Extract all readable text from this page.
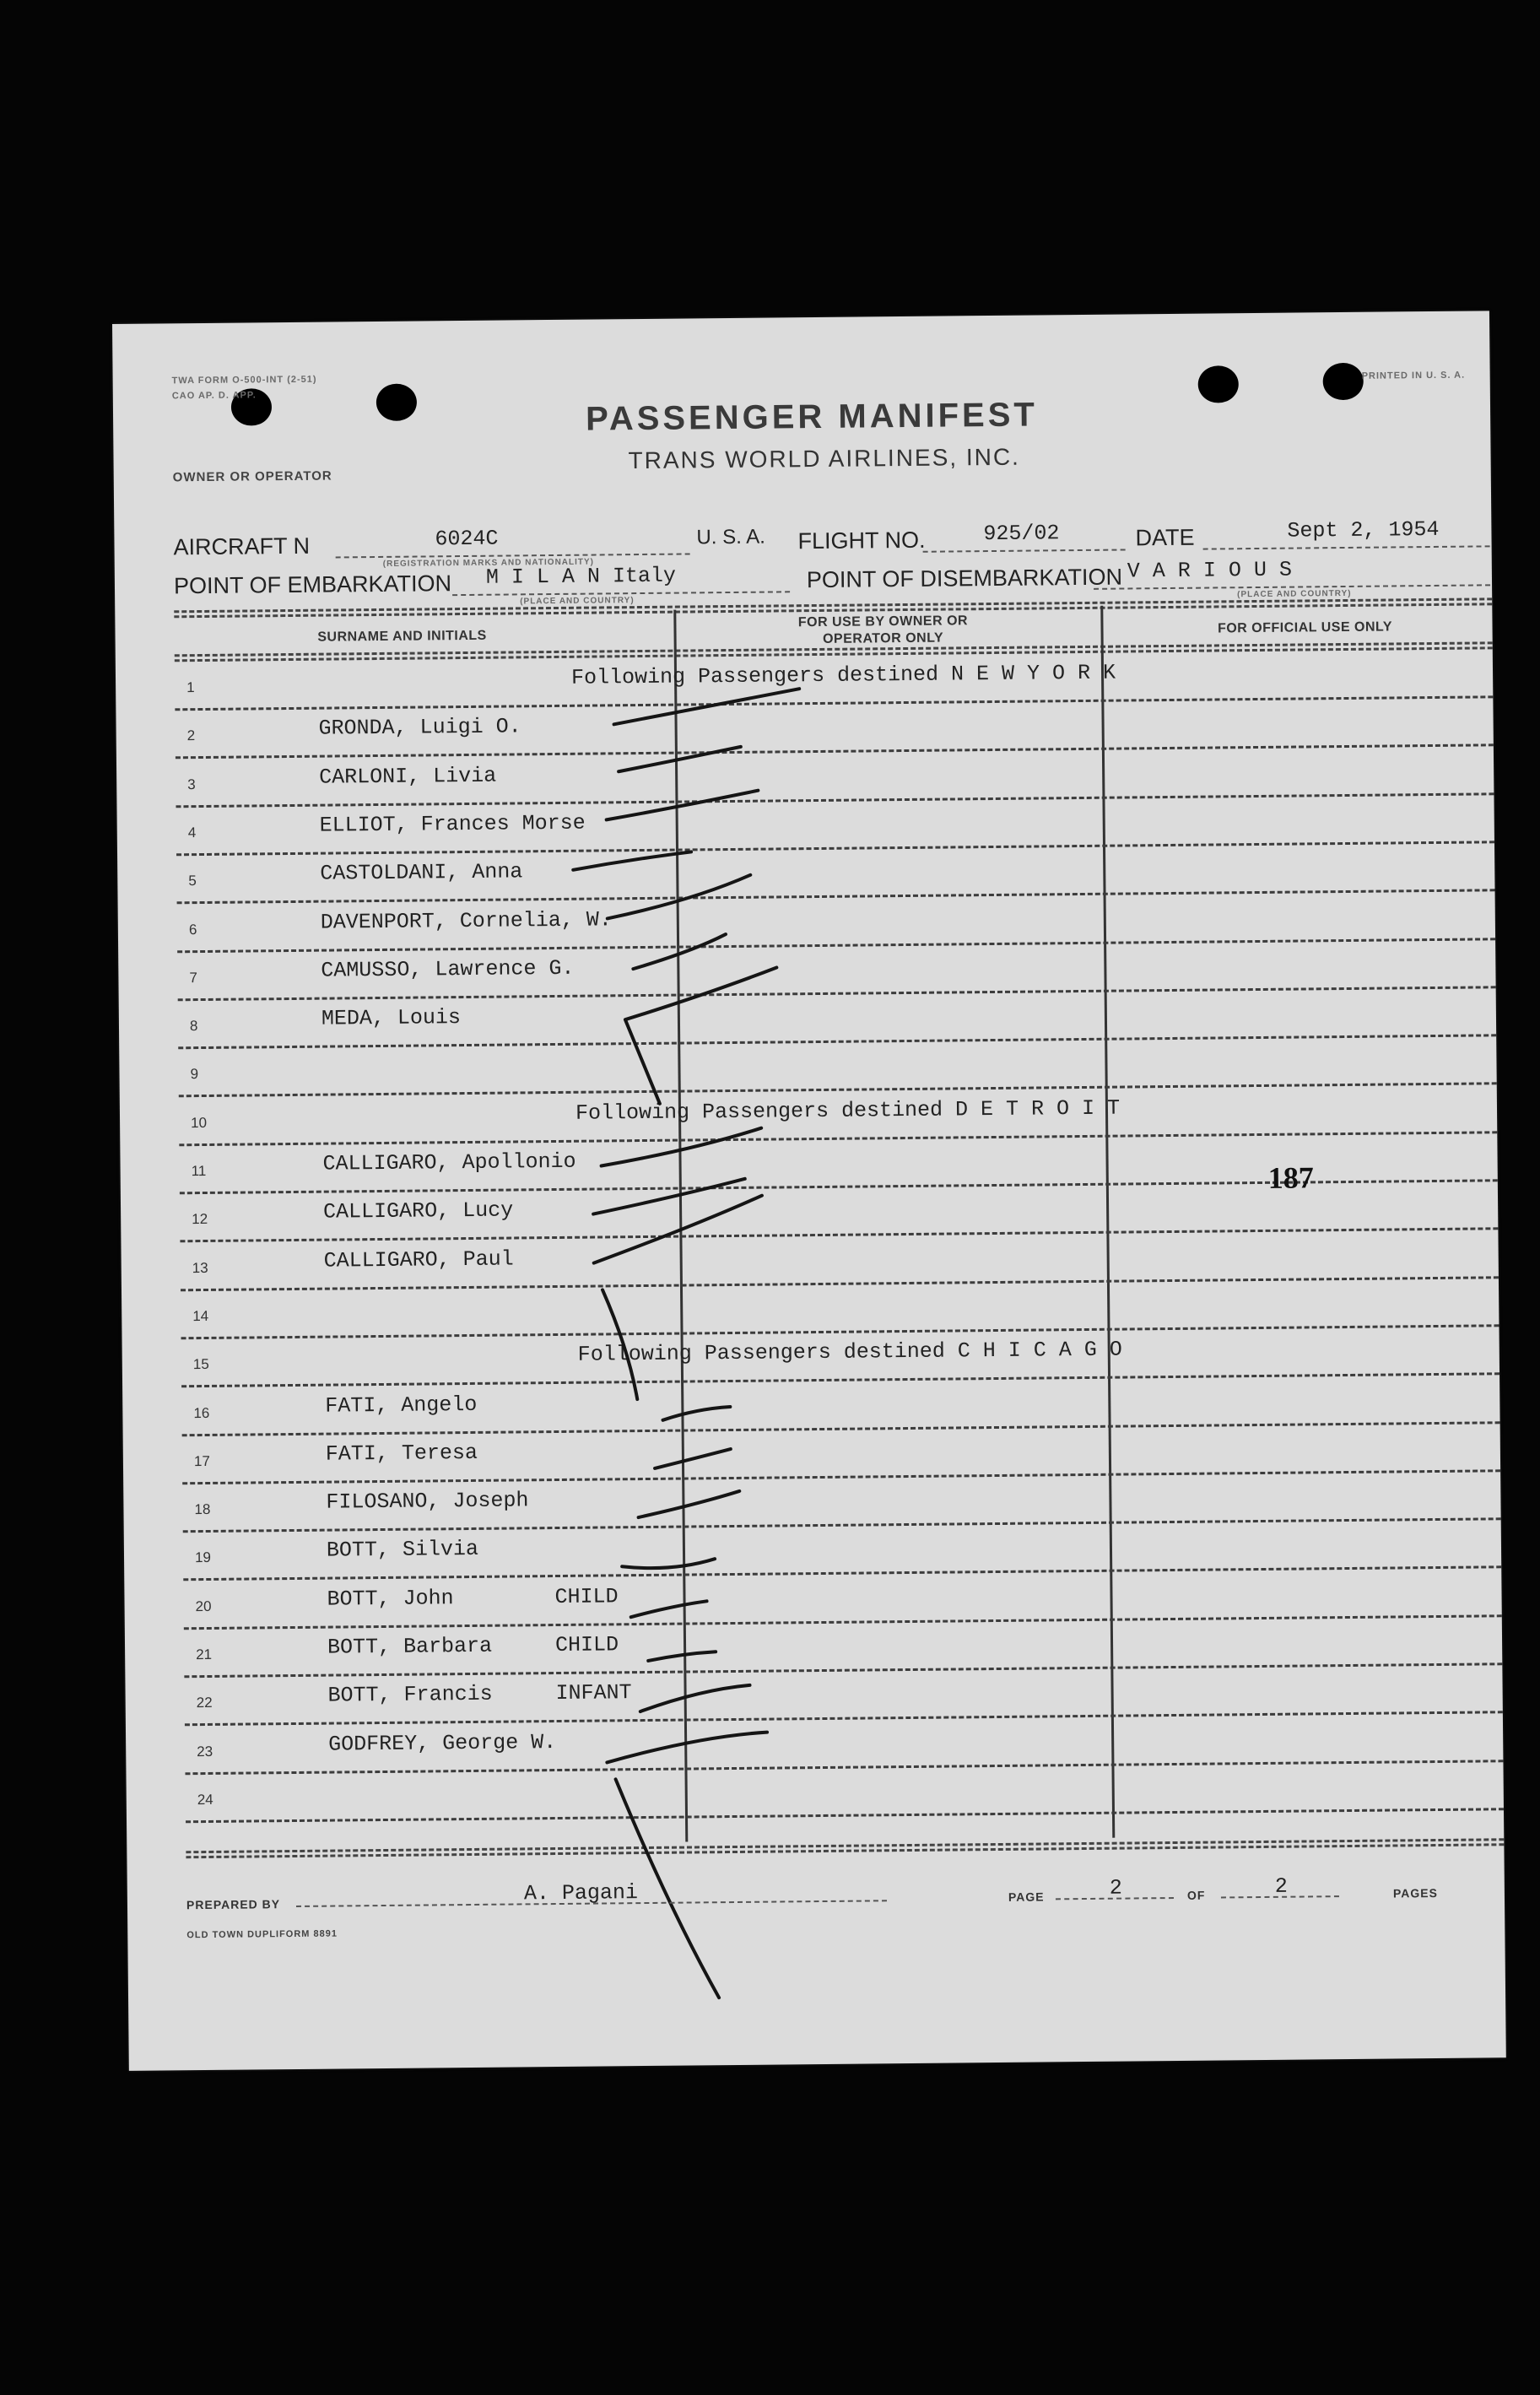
TWA FORM O-500-INT (2-51)
CAO AP. D. APP.
PRINTED IN U. S. A.
PASSENGER MANIFEST
TRANS WORLD AIRLINES, INC.
OWNER OR OPERATOR
AIRCRAFT N	6024C
(REGISTRATION MARKS AND NATIONALITY)
U. S. A. FLIGHT NO.	925/02	DATE	Sept 2, 1954
POINT OF EMBARKATION M I L A N Italy
(PLACE AND COUNTRY)
POINT OF DISEMBARKATION V A R I O U S
(PLACE AND COUNTRY)
SURNAME AND INITIALS
FOR USE BY OWNER OR OPERATOR ONLY
FOR OFFICIAL USE ONLY
1	Following Passengers destined N E W Y O R K
2	GRONDA, Luigi O.
3	CARLONI, Livia
4	ELLIOT, Frances Morse
5	CASTOLDANI, Anna
6	DAVENPORT, Cornelia, W.
7	CAMUSSO, Lawrence G.
8	MEDA, Louis
9
10	Following Passengers destined D E T R O I T
11	CALLIGARO, Apollonio
12	CALLIGARO, Lucy
13	CALLIGARO, Paul
14
15	Following Passengers destined C H I C A G O
16	FATI, Angelo
17	FATI, Teresa
18	FILOSANO, Joseph
19	BOTT, Silvia
20	BOTT, John	CHILD
21	BOTT, Barbara	CHILD
22	BOTT, Francis	INFANT
23	GODFREY, George W.
24
187
PREPARED BY	A. Pagani	PAGE	2	OF	2	PAGES
OLD TOWN DUPLIFORM 8891
